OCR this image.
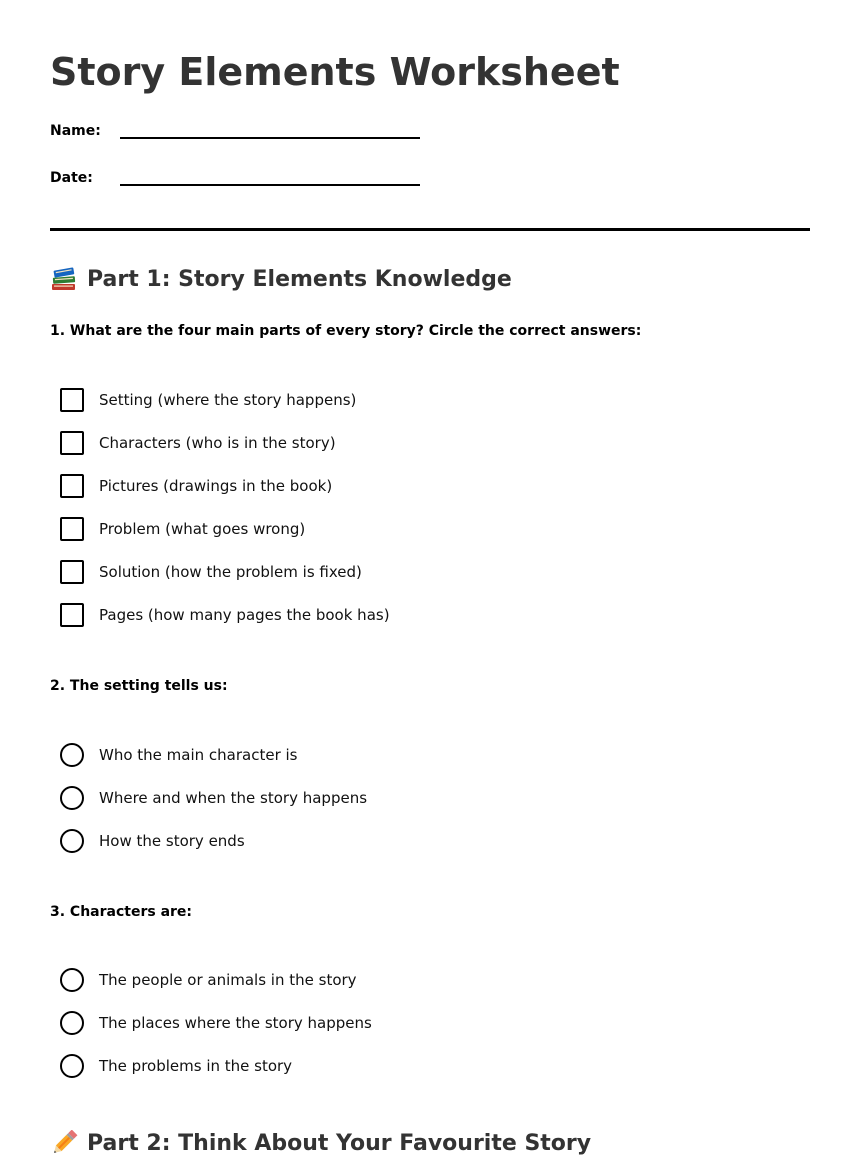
Story Elements Worksheet
Name:
Date:
Part 1: Story Elements Knowledge

1. What are the four main parts of every story? Circle the correct answers:

Setting (where the story happens)
Characters (who is in the story)
Pictures (drawings in the book)
Problem (what goes wrong)
Solution (how the problem is fixed)
Pages (how many pages the book has)

2. The setting tells us:

Who the main character is
Where and when the story happens
How the story ends

3. Characters are:

The people or animals in the story
The places where the story happens
The problems in the story
Part 2: Think About Your Favourite Story
